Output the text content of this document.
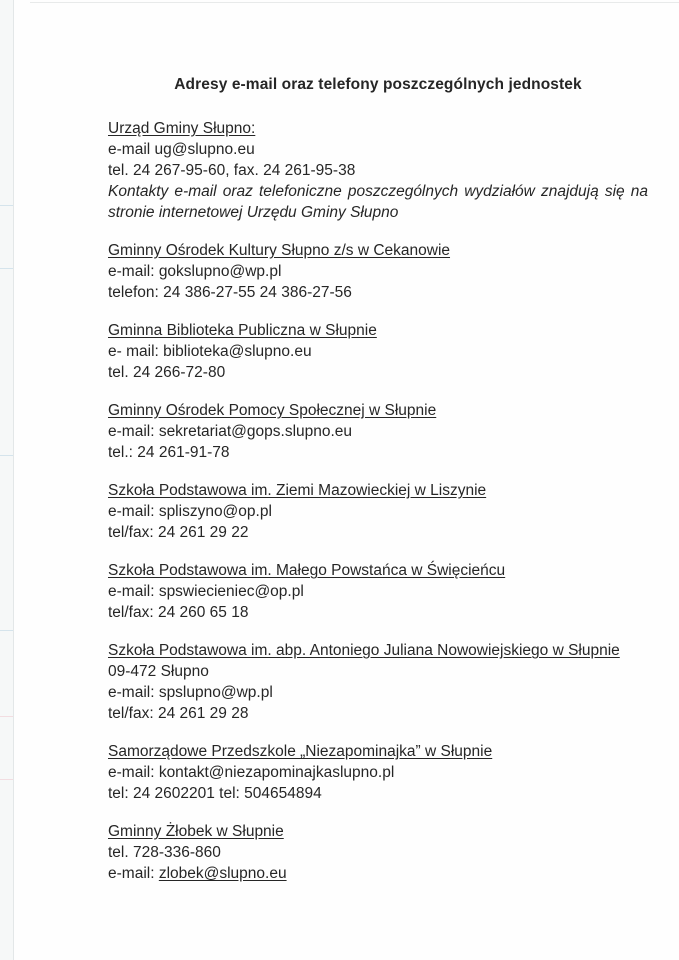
Adresy e-mail oraz telefony poszczególnych jednostek
Urząd Gminy Słupno:
e-mail ug@slupno.eu
tel. 24 267-95-60, fax. 24 261-95-38
Kontakty e-mail oraz telefoniczne poszczególnych wydziałów znajdują się na
stronie internetowej Urzędu Gminy Słupno
Gminny Ośrodek Kultury Słupno z/s w Cekanowie
e-mail: gokslupno@wp.pl
telefon: 24 386-27-55 24 386-27-56
Gminna Biblioteka Publiczna w Słupnie
e- mail: biblioteka@slupno.eu
tel. 24 266-72-80
Gminny Ośrodek Pomocy Społecznej w Słupnie
e-mail: sekretariat@gops.slupno.eu
tel.: 24 261-91-78
Szkoła Podstawowa im. Ziemi Mazowieckiej w Liszynie
e-mail: spliszyno@op.pl
tel/fax: 24 261 29 22
Szkoła Podstawowa im. Małego Powstańca w Święcieńcu
e-mail: spswiecieniec@op.pl
tel/fax: 24 260 65 18
Szkoła Podstawowa im. abp. Antoniego Juliana Nowowiejskiego w Słupnie
09-472 Słupno
e-mail: spslupno@wp.pl
tel/fax: 24 261 29 28
Samorządowe Przedszkole „Niezapominajka” w Słupnie
e-mail: kontakt@niezapominajkaslupno.pl
tel: 24 2602201 tel: 504654894
Gminny Żłobek w Słupnie
tel. 728-336-860
e-mail: zlobek@slupno.eu
